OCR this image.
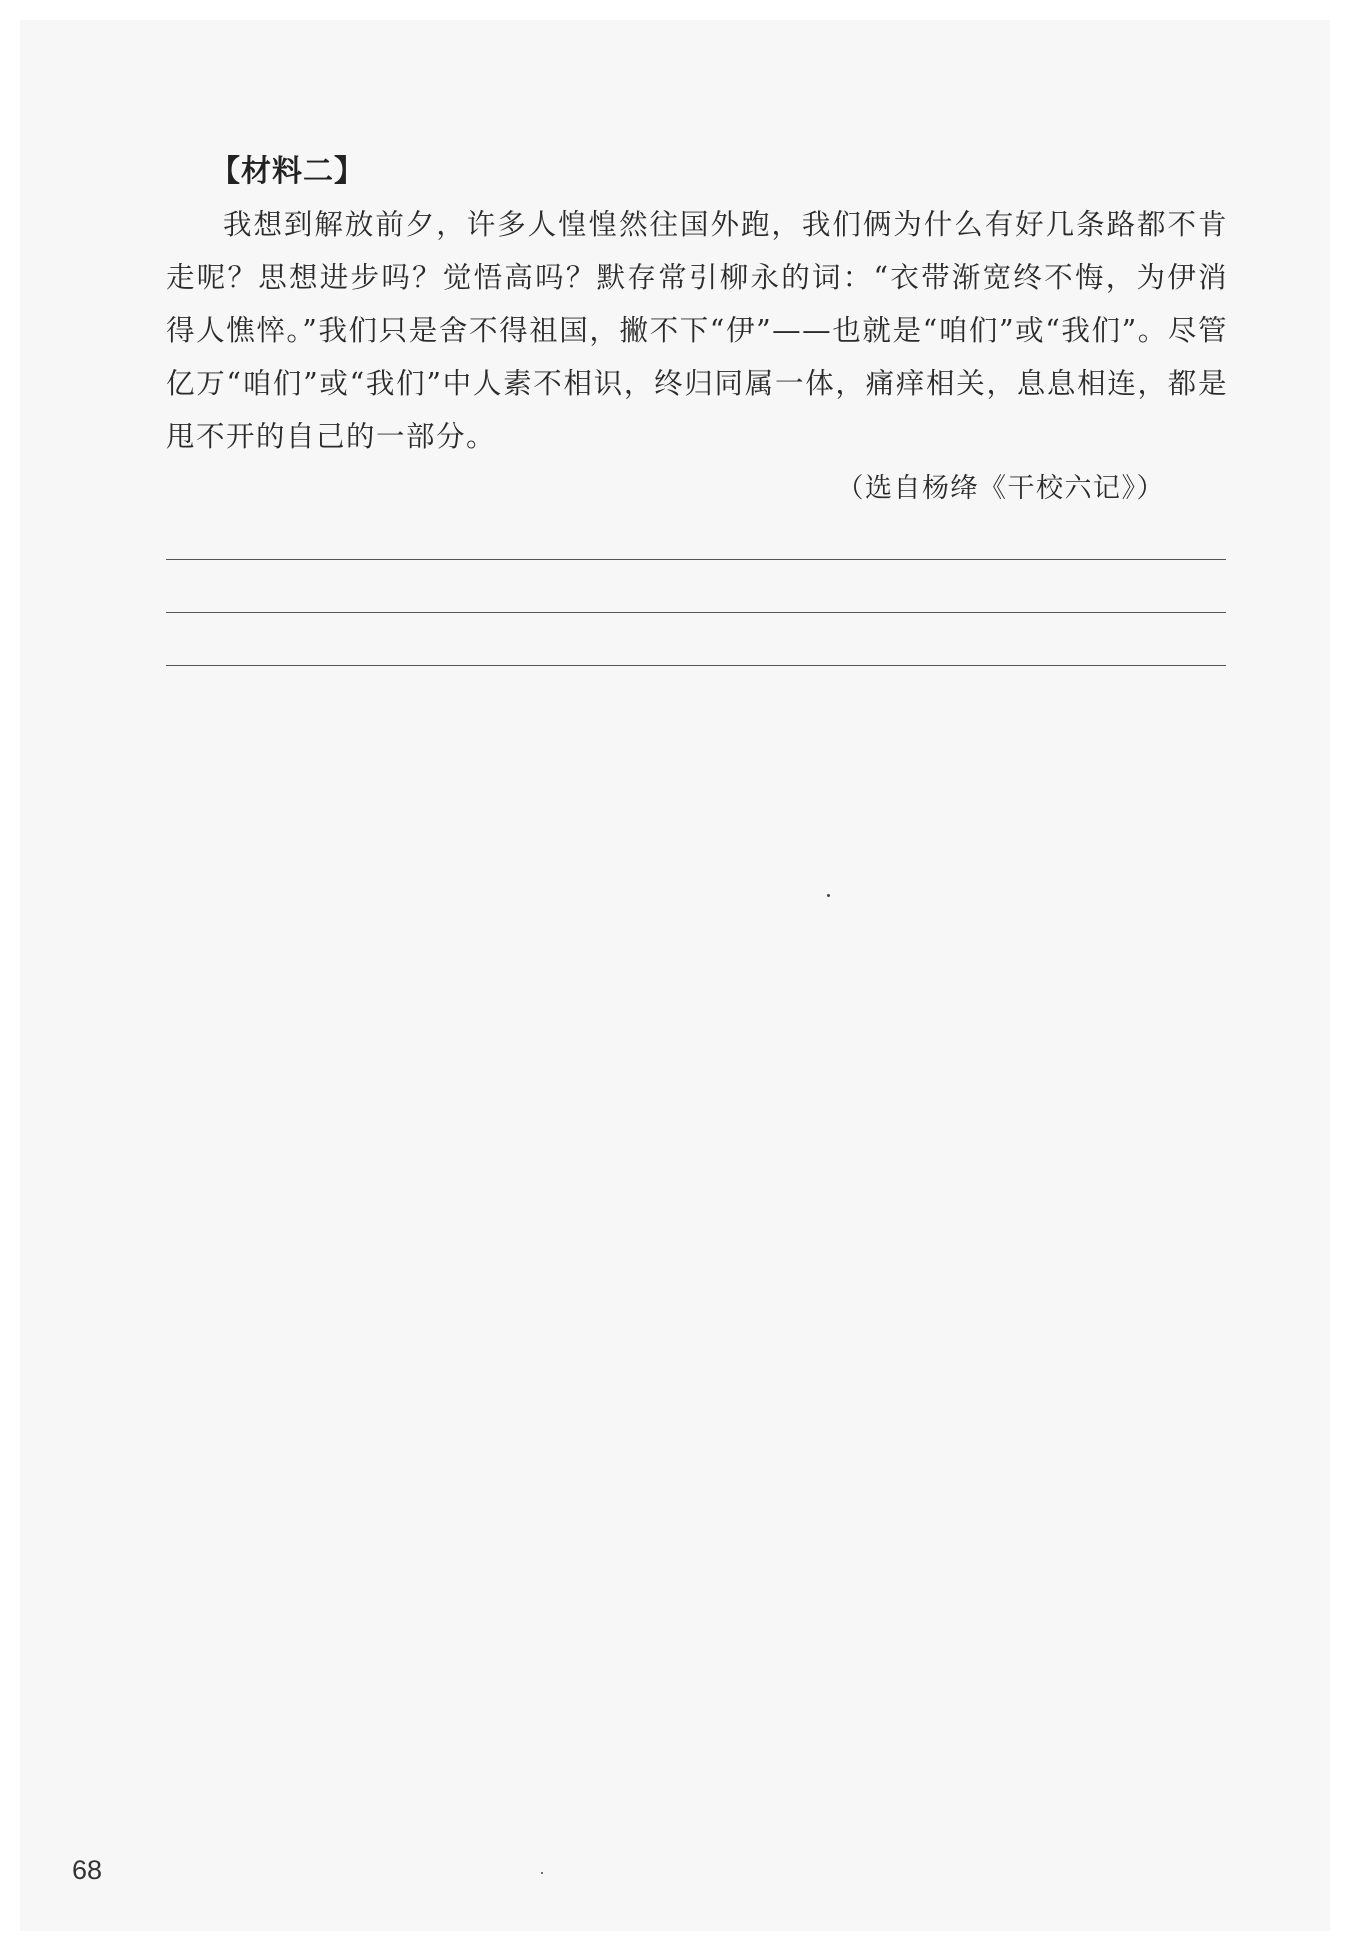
【材料二】

我想到解放前夕，许多人惶惶然往国外跑，我们俩为什么有好几条路都不肯走呢？思想进步吗？觉悟高吗？默存常引柳永的词：“衣带渐宽终不悔，为伊消得人憔悴。”我们只是舍不得祖国，撇不下“伊”——也就是“咱们”或“我们”。尽管亿万“咱们”或“我们”中人素不相识，终归同属一体，痛痒相关，息息相连，都是甩不开的自己的一部分。

（选自杨绛《干校六记》）
68
